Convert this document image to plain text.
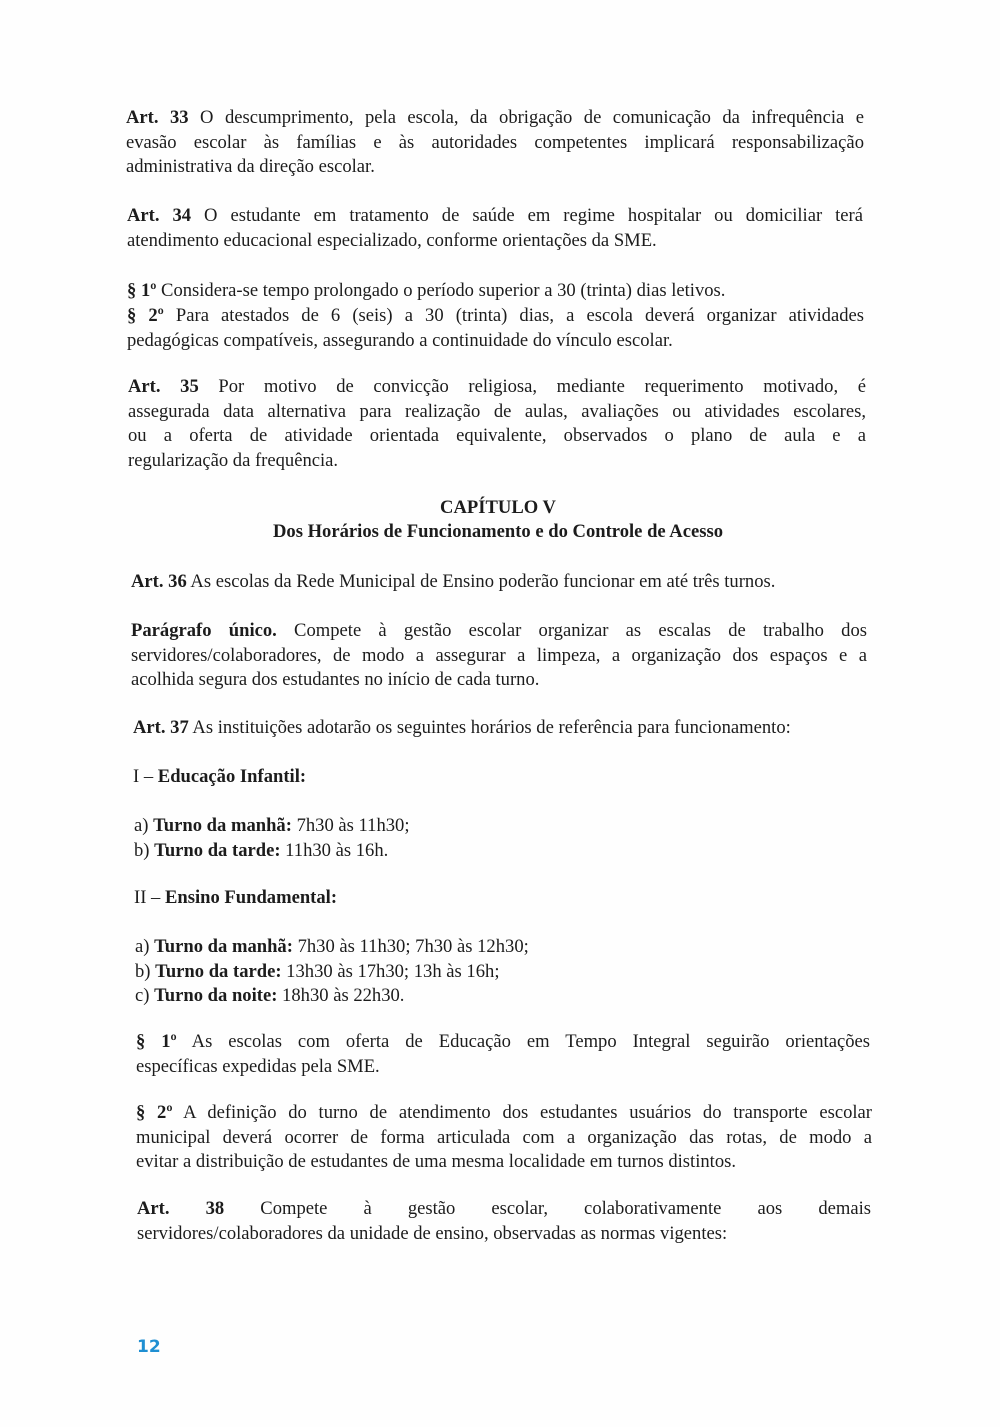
Art. 33 O descumprimento, pela escola, da obrigação de comunicação da infrequência e
evasão escolar às famílias e às autoridades competentes implicará responsabilização
administrativa da direção escolar.
Art. 34 O estudante em tratamento de saúde em regime hospitalar ou domiciliar terá
atendimento educacional especializado, conforme orientações da SME.
§ 1º Considera-se tempo prolongado o período superior a 30 (trinta) dias letivos.
§ 2º Para atestados de 6 (seis) a 30 (trinta) dias, a escola deverá organizar atividades
pedagógicas compatíveis, assegurando a continuidade do vínculo escolar.
Art. 35 Por motivo de convicção religiosa, mediante requerimento motivado, é
assegurada data alternativa para realização de aulas, avaliações ou atividades escolares,
ou a oferta de atividade orientada equivalente, observados o plano de aula e a
regularização da frequência.
CAPÍTULO V
Dos Horários de Funcionamento e do Controle de Acesso
Art. 36 As escolas da Rede Municipal de Ensino poderão funcionar em até três turnos.
Parágrafo único. Compete à gestão escolar organizar as escalas de trabalho dos
servidores/colaboradores, de modo a assegurar a limpeza, a organização dos espaços e a
acolhida segura dos estudantes no início de cada turno.
Art. 37 As instituições adotarão os seguintes horários de referência para funcionamento:
I – Educação Infantil:
a) Turno da manhã: 7h30 às 11h30;
b) Turno da tarde: 11h30 às 16h.
II – Ensino Fundamental:
a) Turno da manhã: 7h30 às 11h30; 7h30 às 12h30;
b) Turno da tarde: 13h30 às 17h30; 13h às 16h;
c) Turno da noite: 18h30 às 22h30.
§ 1º As escolas com oferta de Educação em Tempo Integral seguirão orientações
específicas expedidas pela SME.
§ 2º A definição do turno de atendimento dos estudantes usuários do transporte escolar
municipal deverá ocorrer de forma articulada com a organização das rotas, de modo a
evitar a distribuição de estudantes de uma mesma localidade em turnos distintos.
Art. 38 Compete à gestão escolar, colaborativamente aos demais
servidores/colaboradores da unidade de ensino, observadas as normas vigentes:
12
